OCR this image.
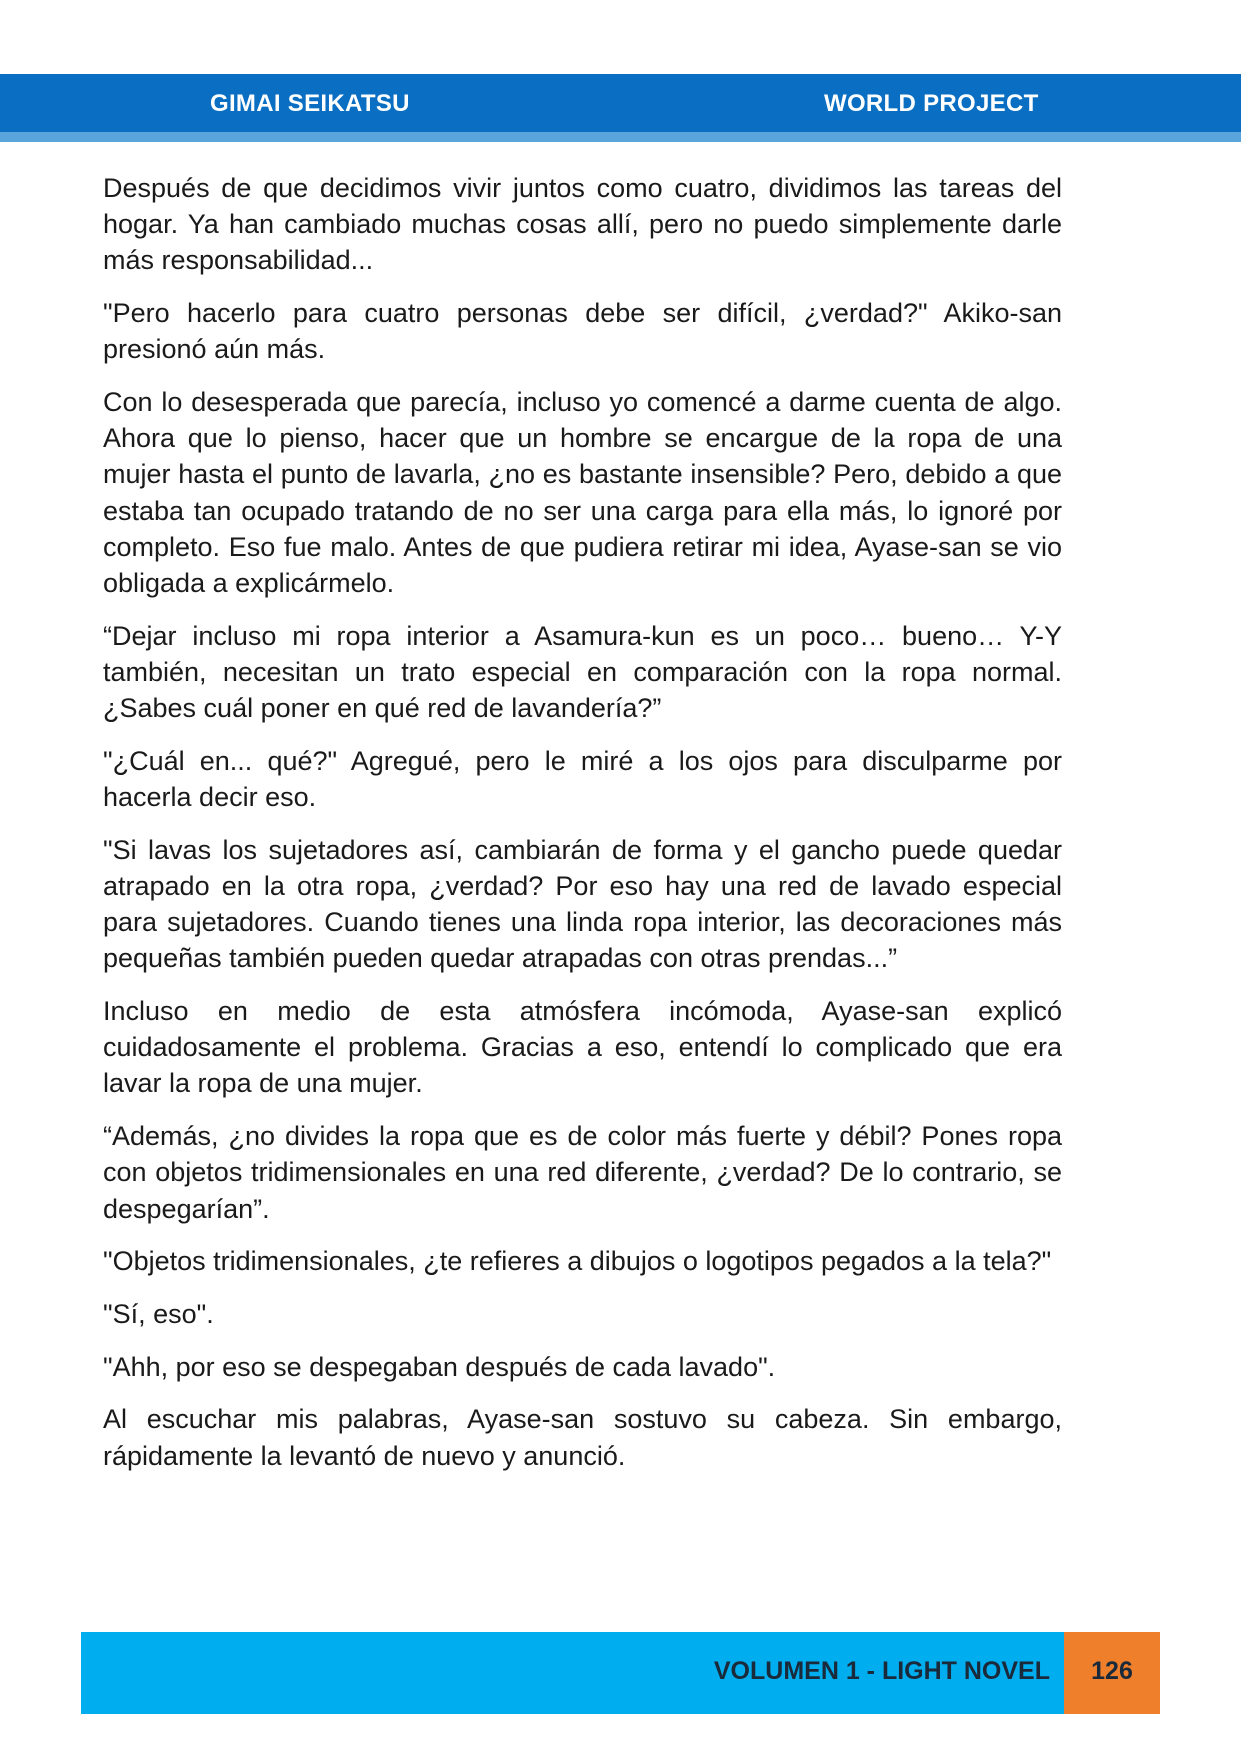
GIMAI SEIKATSU	WORLD PROJECT

Después de que decidimos vivir juntos como cuatro, dividimos las tareas del hogar. Ya han cambiado muchas cosas allí, pero no puedo simplemente darle más responsabilidad...

"Pero hacerlo para cuatro personas debe ser difícil, ¿verdad?" Akiko-san presionó aún más.

Con lo desesperada que parecía, incluso yo comencé a darme cuenta de algo. Ahora que lo pienso, hacer que un hombre se encargue de la ropa de una mujer hasta el punto de lavarla, ¿no es bastante insensible? Pero, debido a que estaba tan ocupado tratando de no ser una carga para ella más, lo ignoré por completo. Eso fue malo. Antes de que pudiera retirar mi idea, Ayase-san se vio obligada a explicármelo.

“Dejar incluso mi ropa interior a Asamura-kun es un poco… bueno… Y-Y también, necesitan un trato especial en comparación con la ropa normal. ¿Sabes cuál poner en qué red de lavandería?”

"¿Cuál en... qué?" Agregué, pero le miré a los ojos para disculparme por hacerla decir eso.

"Si lavas los sujetadores así, cambiarán de forma y el gancho puede quedar atrapado en la otra ropa, ¿verdad? Por eso hay una red de lavado especial para sujetadores. Cuando tienes una linda ropa interior, las decoraciones más pequeñas también pueden quedar atrapadas con otras prendas...”

Incluso en medio de esta atmósfera incómoda, Ayase-san explicó cuidadosamente el problema. Gracias a eso, entendí lo complicado que era lavar la ropa de una mujer.

“Además, ¿no divides la ropa que es de color más fuerte y débil? Pones ropa con objetos tridimensionales en una red diferente, ¿verdad? De lo contrario, se despegarían”.

"Objetos tridimensionales, ¿te refieres a dibujos o logotipos pegados a la tela?"

"Sí, eso".

"Ahh, por eso se despegaban después de cada lavado".

Al escuchar mis palabras, Ayase-san sostuvo su cabeza. Sin embargo, rápidamente la levantó de nuevo y anunció.

VOLUMEN 1 - LIGHT NOVEL	126
